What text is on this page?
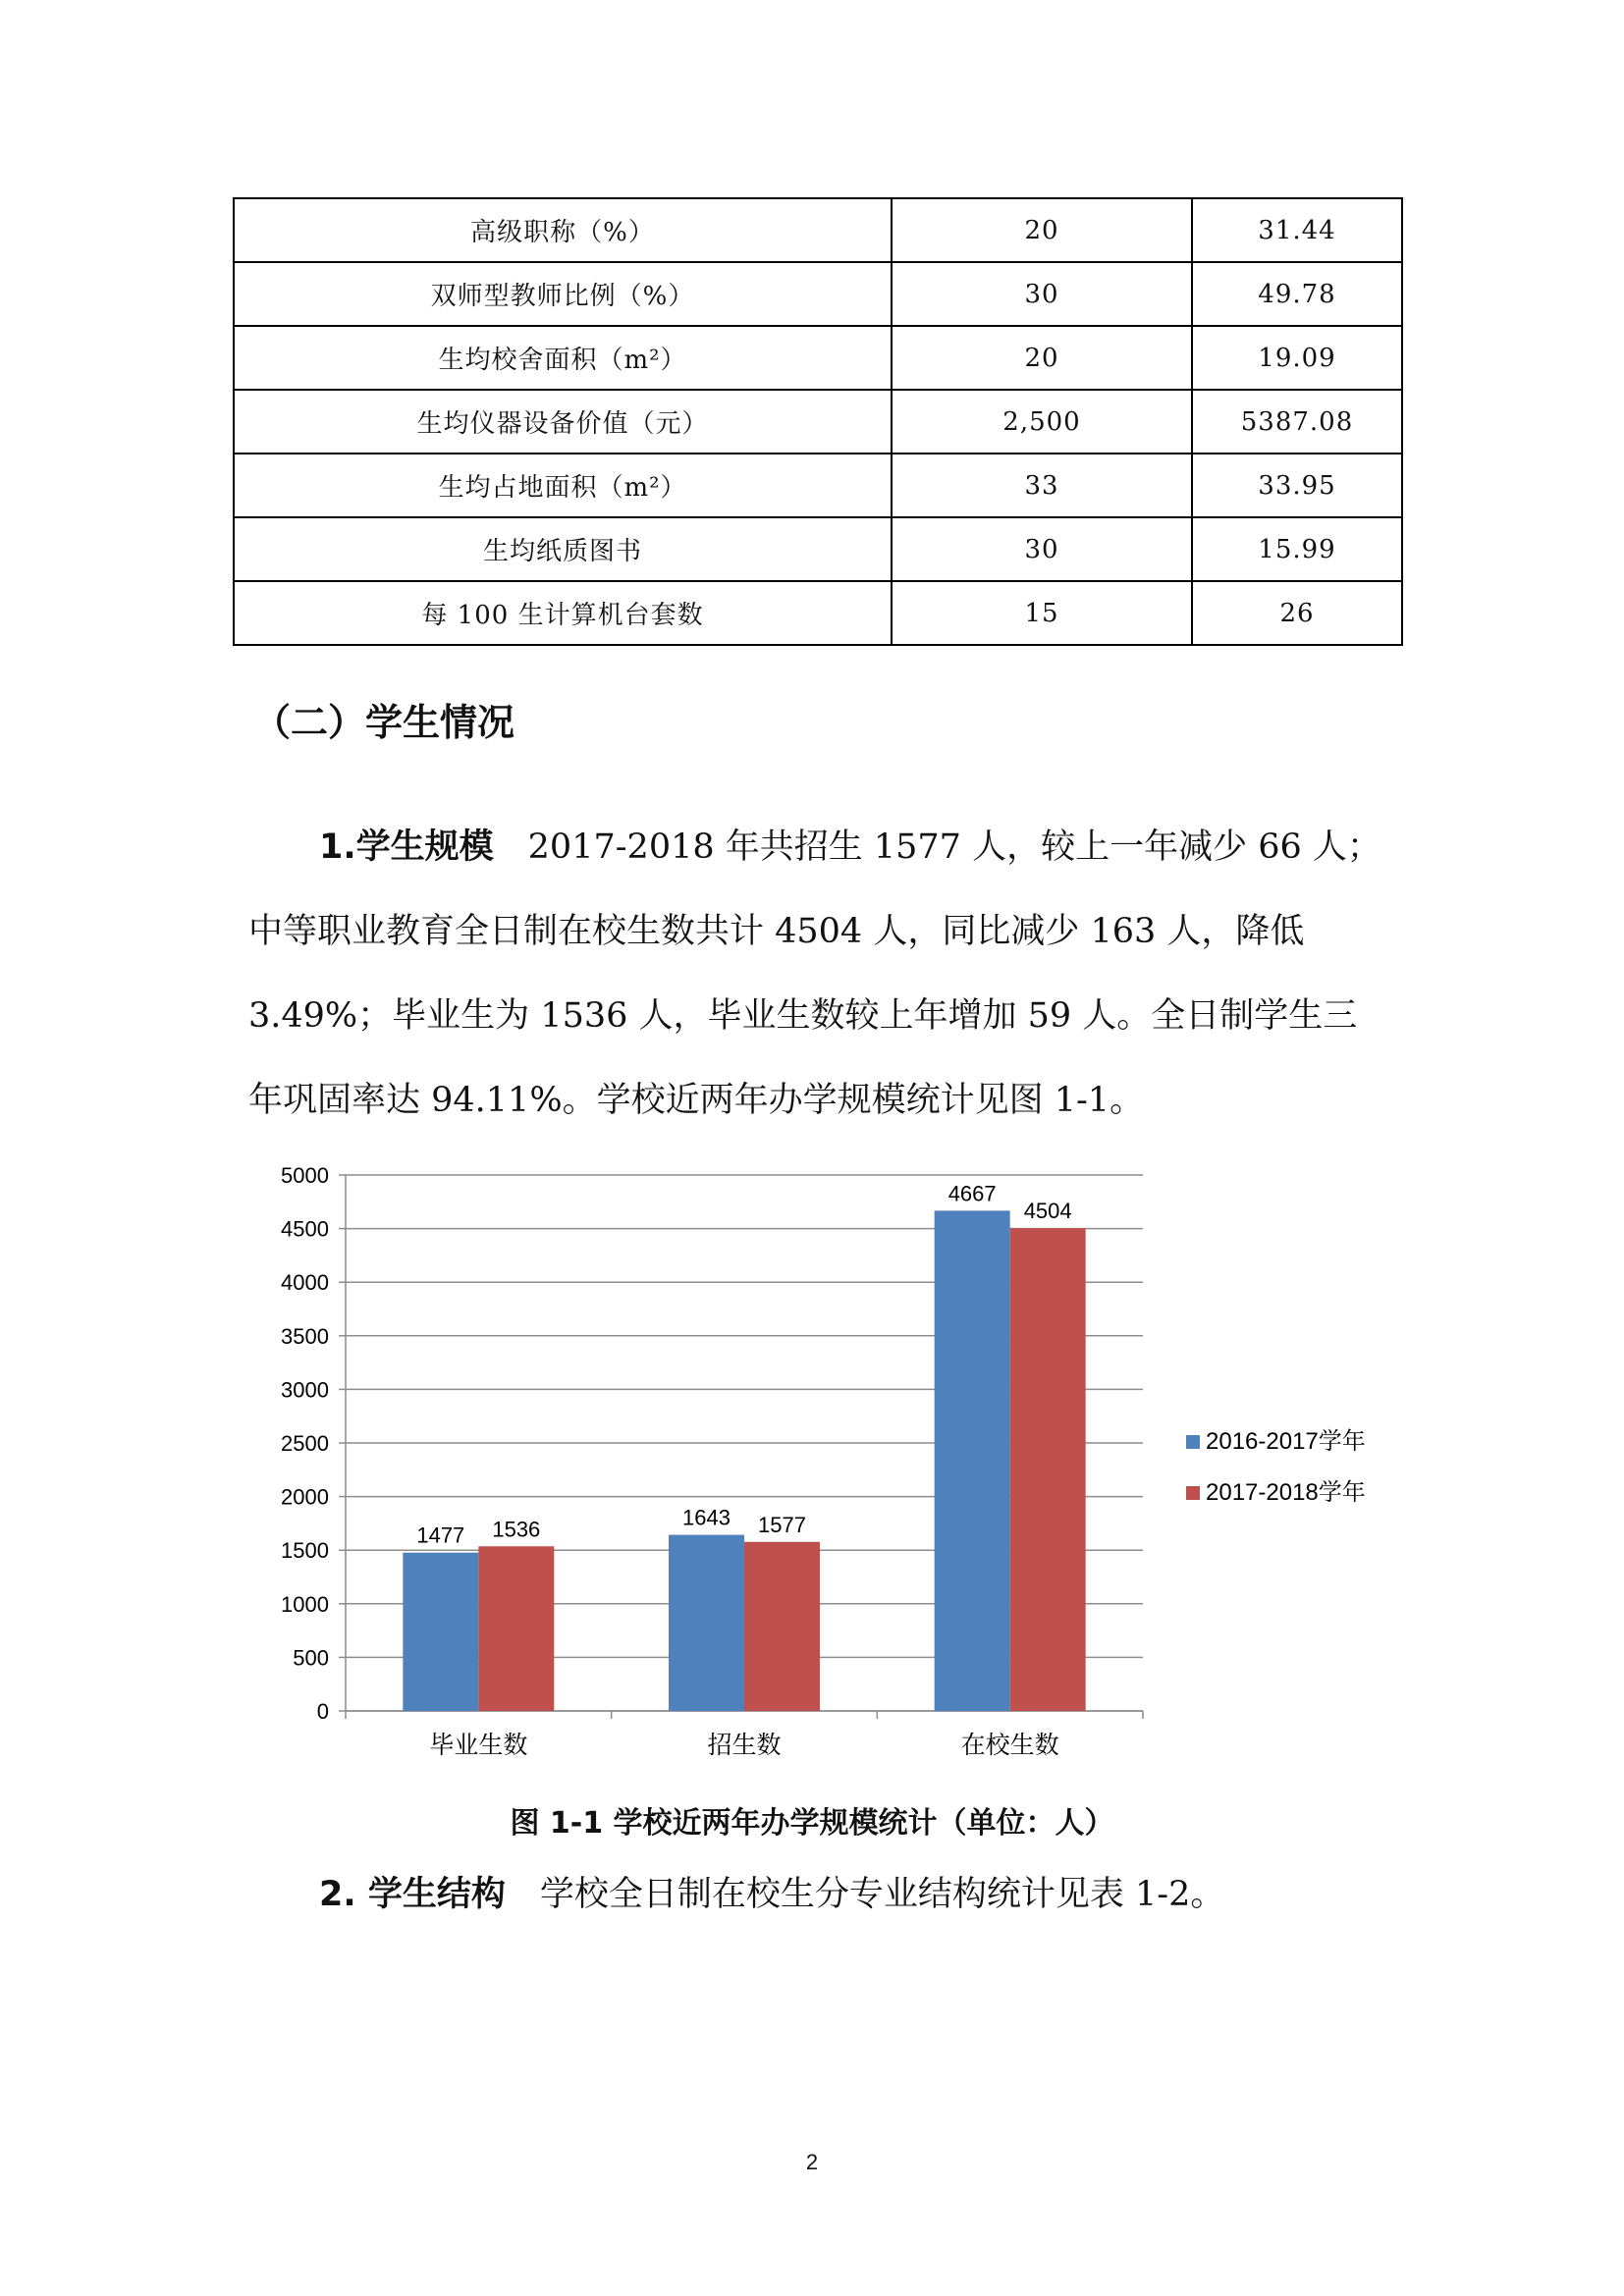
高级职称（%）	20	31.44
双师型教师比例（%）	30	49.78
生均校舍面积（m²）	20	19.09
生均仪器设备价值（元）	2,500	5387.08
生均占地面积（m²）	33	33.95
生均纸质图书	30	15.99
每 100 生计算机台套数	15	26
（二）学生情况
1.学生规模　2017-2018 年共招生 1577 人，较上一年减少 66 人；中等职业教育全日制在校生数共计 4504 人，同比减少 163 人，降低 3.49%；毕业生为 1536 人，毕业生数较上年增加 59 人。全日制学生三年巩固率达 94.11%。学校近两年办学规模统计见图 1-1。
0
500
1000
1500
2000
2500
3000
3500
4000
4500
5000
1477 1536
毕业生数
1643 1577
招生数
4667
4504
在校生数
2016-2017学年
2017-2018学年
图 1-1 学校近两年办学规模统计（单位：人）
2. 学生结构　学校全日制在校生分专业结构统计见表 1-2。
2
